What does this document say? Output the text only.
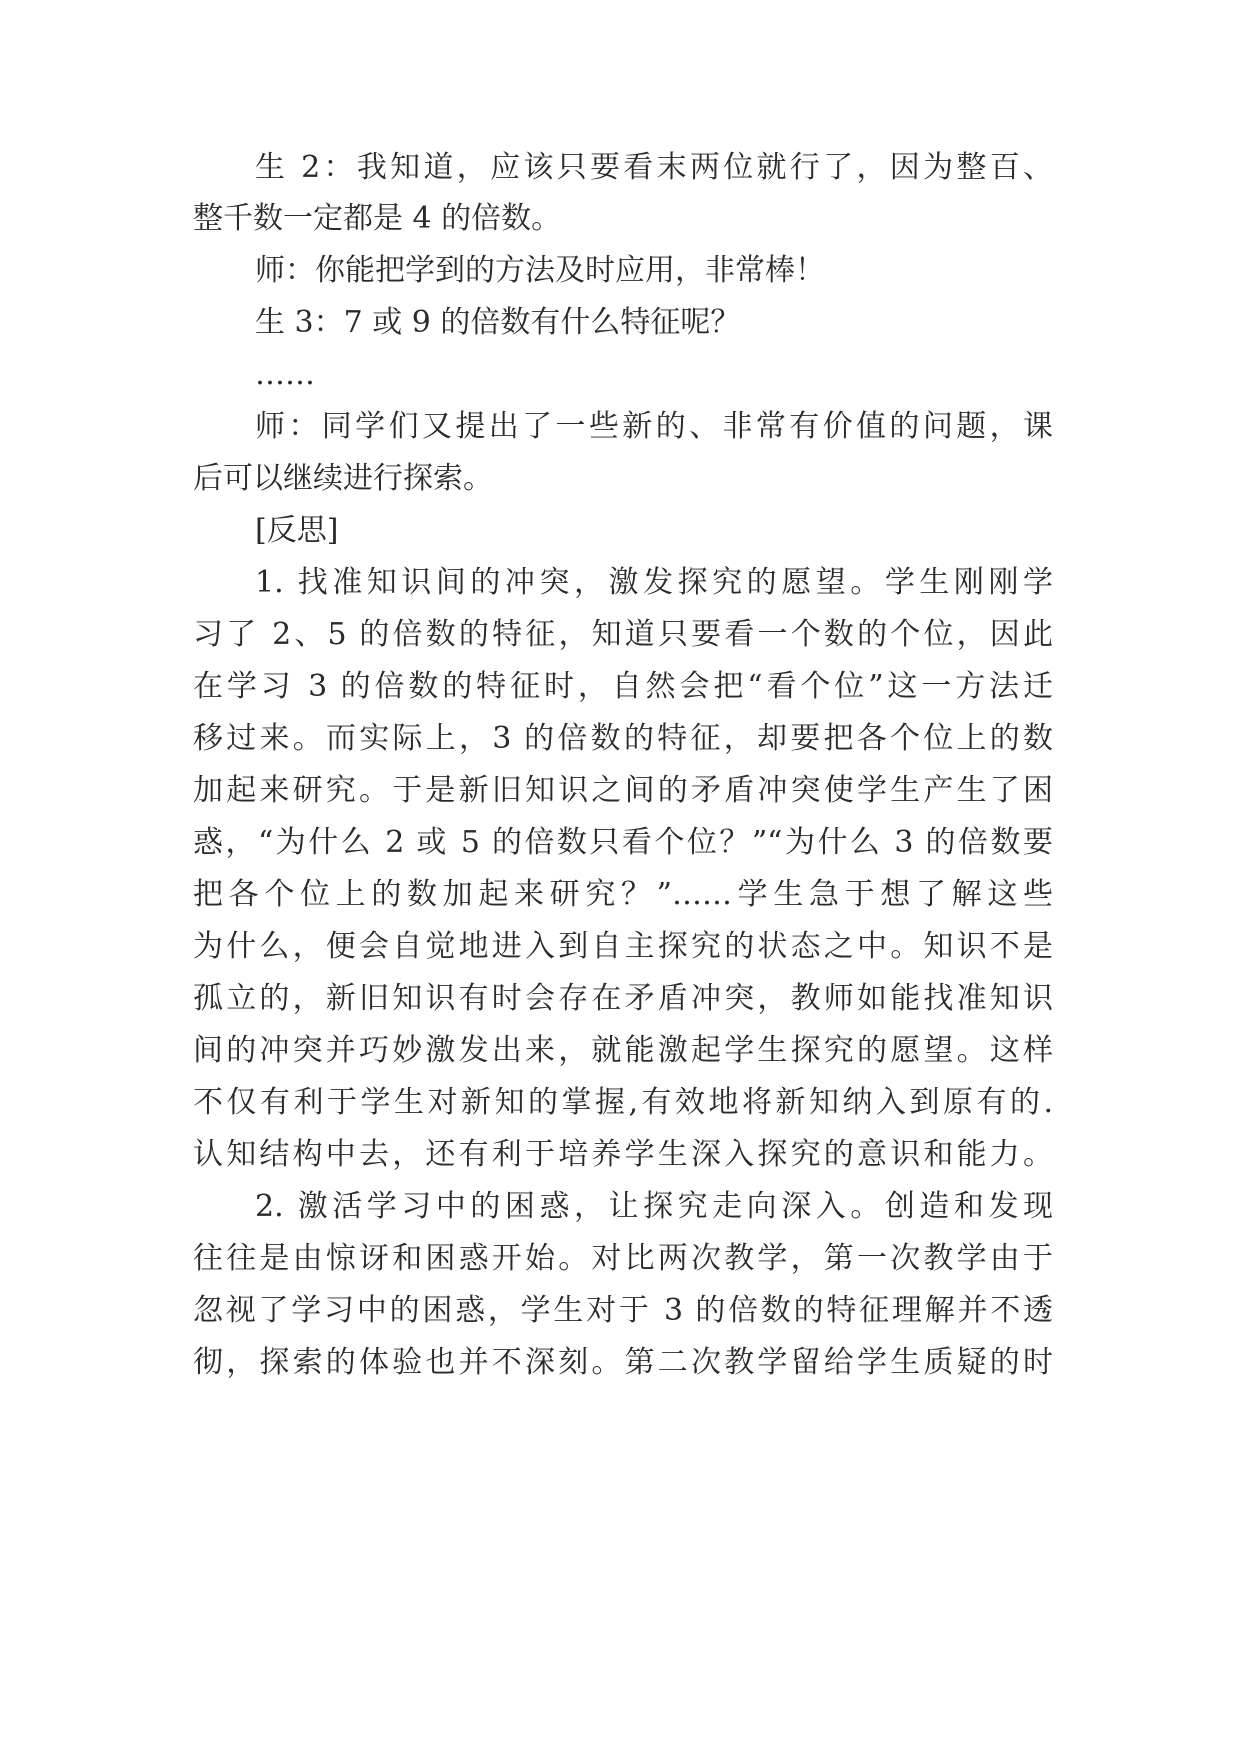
生 2：我知道，应该只要看末两位就行了，因为整百、
整千数一定都是 4 的倍数。
师：你能把学到的方法及时应用，非常棒！
生 3：7 或 9 的倍数有什么特征呢？
……
师：同学们又提出了一些新的、非常有价值的问题，课
后可以继续进行探索。
[反思]
1. 找准知识间的冲突，激发探究的愿望。学生刚刚学
习了 2、5 的倍数的特征，知道只要看一个数的个位，因此
在学习 3 的倍数的特征时，自然会把“看个位”这一方法迁
移过来。而实际上，3 的倍数的特征，却要把各个位上的数
加起来研究。于是新旧知识之间的矛盾冲突使学生产生了困
惑，“为什么 2 或 5 的倍数只看个位？”“为什么 3 的倍数要
把各个位上的数加起来研究？”……学生急于想了解这些
为什么，便会自觉地进入到自主探究的状态之中。知识不是
孤立的，新旧知识有时会存在矛盾冲突，教师如能找准知识
间的冲突并巧妙激发出来，就能激起学生探究的愿望。这样
不仅有利于学生对新知的掌握,有效地将新知纳入到原有的.
认知结构中去，还有利于培养学生深入探究的意识和能力。
2. 激活学习中的困惑，让探究走向深入。创造和发现
往往是由惊讶和困惑开始。对比两次教学，第一次教学由于
忽视了学习中的困惑，学生对于 3 的倍数的特征理解并不透
彻，探索的体验也并不深刻。第二次教学留给学生质疑的时
